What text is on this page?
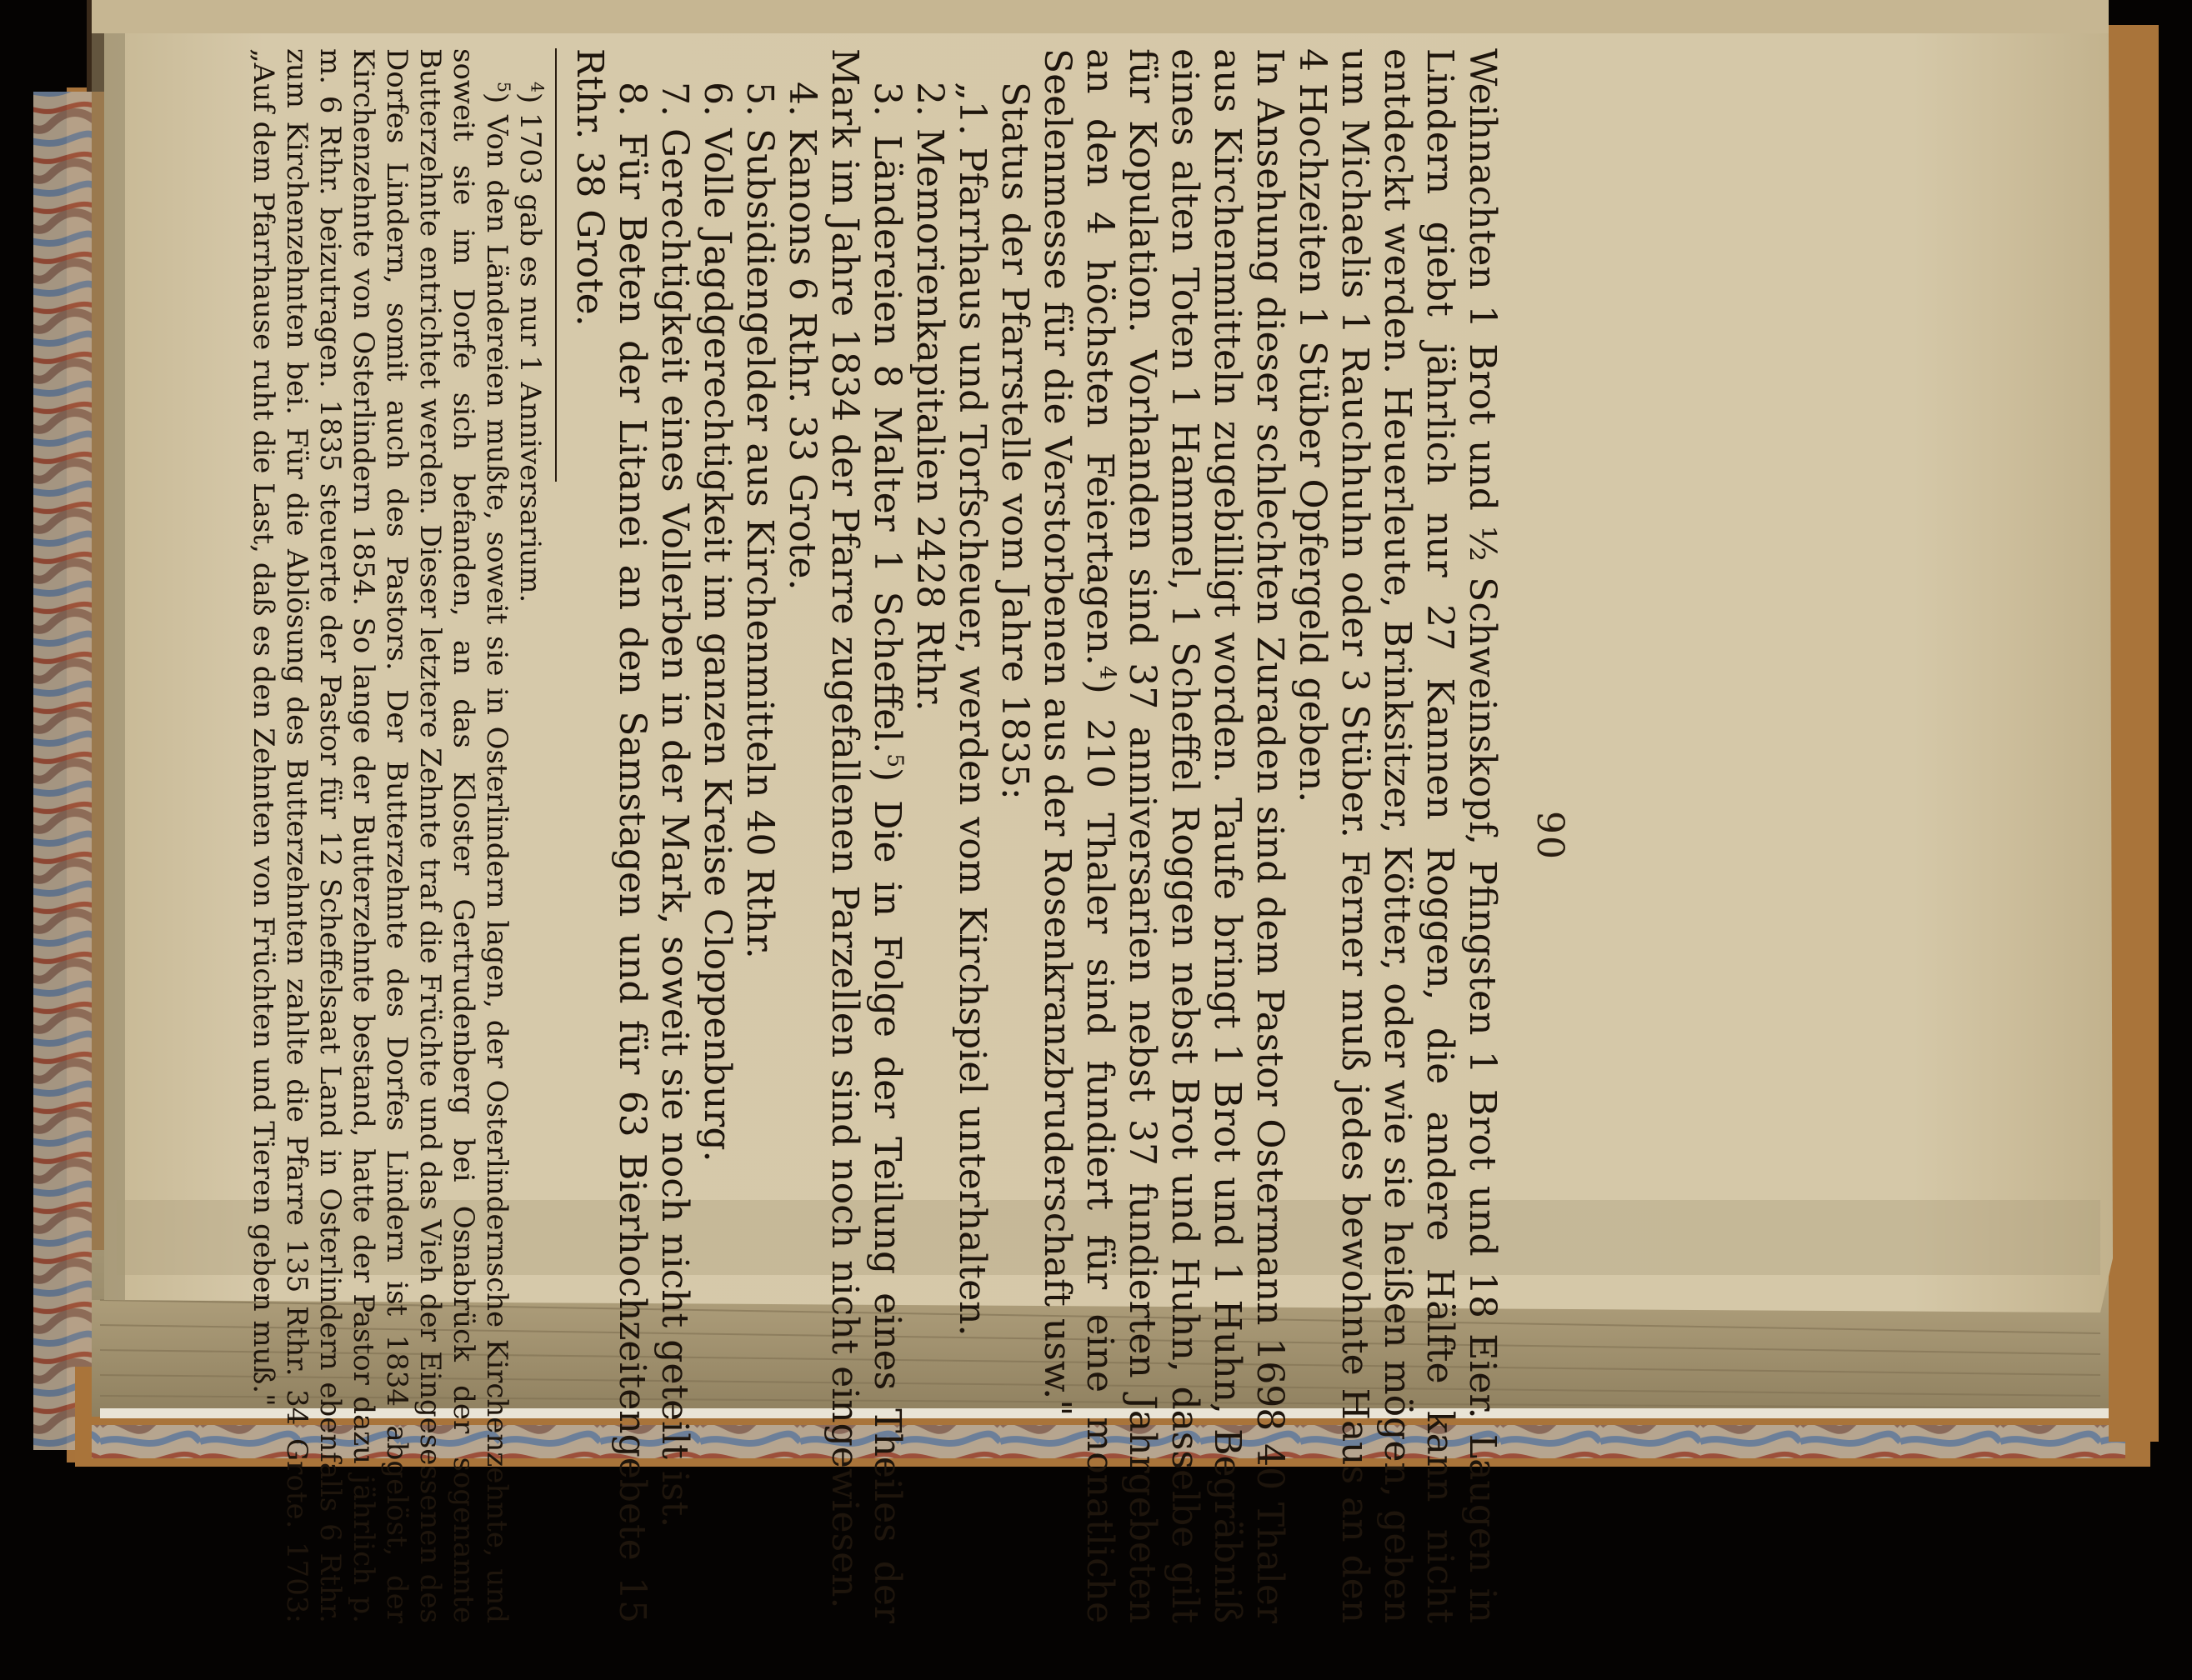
90

Weihnachten 1 Brot und ½ Schweinskopf, Pfingsten 1 Brot und 18 Eier. Laugen in Lindern giebt jährlich nur 27 Kannen Roggen, die andere Hälfte kann nicht entdeckt werden. Heuerleute, Brinksitzer, Kötter, oder wie sie heißen mögen, geben um Michaelis 1 Rauchhuhn oder 3 Stüber. Ferner muß jedes bewohnte Haus an den 4 Hochzeiten 1 Stüber Opfergeld geben.

In Ansehung dieser schlechten Zuraden sind dem Pastor Ostermann 1698 40 Thaler aus Kirchenmitteln zugebilligt worden. Taufe bringt 1 Brot und 1 Huhn, Begräbniß eines alten Toten 1 Hammel, 1 Scheffel Roggen nebst Brot und Huhn, dasselbe gilt für Kopulation. Vorhanden sind 37 anniversarien nebst 37 fundierten Jahrgebeten an den 4 höchsten Feiertagen.$^4$) 210 Thaler sind fundiert für eine monatliche Seelenmesse für die Verstorbenen aus der Rosenkranzbruderschaft usw."

Status der Pfarrstelle vom Jahre 1835:

„1. Pfarrhaus und Torfscheuer, werden vom Kirchspiel unterhalten.
2. Memorienkapitalien 2428 Rthr.
3. Ländereien 8 Malter 1 Scheffel.$^5$) Die in Folge der Teilung eines Theiles der Mark im Jahre 1834 der Pfarre zugefallenen Parzellen sind noch nicht eingewiesen.
4. Kanons 6 Rthr. 33 Grote.
5. Subsidiengelder aus Kirchenmitteln 40 Rthr.
6. Volle Jagdgerechtigkeit im ganzen Kreise Cloppenburg.
7. Gerechtigkeit eines Vollerben in der Mark, soweit sie noch nicht geteilt ist.
8. Für Beten der Litanei an den Samstagen und für 63 Bierhochzeitengebete 15 Rthr. 38 Grote.

$^4$) 1703 gab es nur 1 Anniversarium.

$^5$) Von den Ländereien mußte, soweit sie in Osterlindern lagen, der Osterlindernsche Kirchenzehnte, und soweit sie im Dorfe sich befanden, an das Kloster Gertrudenberg bei Osnabrück der sogenannte Butterzehnte entrichtet werden. Dieser letztere Zehnte traf die Früchte und das Vieh der Eingesessenen des Dorfes Lindern, somit auch des Pastors. Der Butterzehnte des Dorfes Lindern ist 1834 abgelöst, der Kirchenzehnte von Osterlindern 1854. So lange der Butterzehnte bestand, hatte der Pastor dazu jährlich p. m. 6 Rthr. beizutragen. 1835 steuerte der Pastor für 12 Scheffelsaat Land in Osterlindern ebenfalls 6 Rthr. zum Kirchenzehnten bei. Für die Ablösung des Butterzehnten zahlte die Pfarre 135 Rthr. 34 Grote. 1703: „Auf dem Pfarrhause ruht die Last, daß es den Zehnten von Früchten und Tieren geben muß."
